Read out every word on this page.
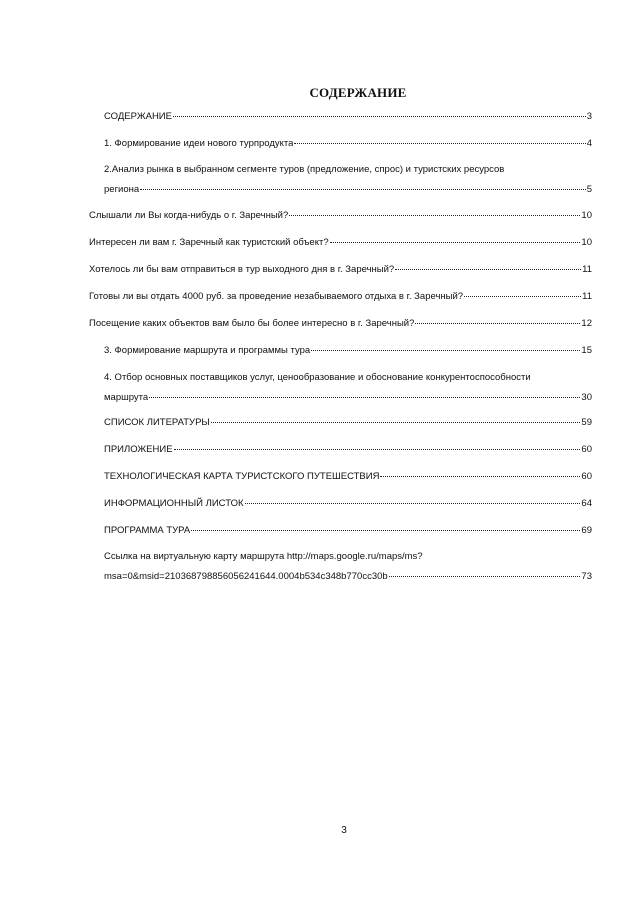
СОДЕРЖАНИЕ
СОДЕРЖАНИЕ	3
1. Формирование идеи нового турпродукта	4
2.Анализ рынка в выбранном сегменте туров (предложение, спрос) и туристских ресурсов
региона	5
Слышали ли Вы когда-нибудь о г. Заречный?	10
Интересен ли вам г. Заречный как туристский объект?	10
Хотелось ли бы вам отправиться в тур выходного дня в г. Заречный?	11
Готовы ли вы отдать 4000 руб. за проведение незабываемого отдыха в г. Заречный?	11
Посещение каких объектов вам было бы более интересно в г. Заречный?	12
3. Формирование маршрута и программы тура	15
4. Отбор основных поставщиков услуг, ценообразование и обоснование конкурентоспособности
маршрута	30
СПИСОК ЛИТЕРАТУРЫ	59
ПРИЛОЖЕНИЕ	60
ТЕХНОЛОГИЧЕСКАЯ КАРТА ТУРИСТСКОГО ПУТЕШЕСТВИЯ	60
ИНФОРМАЦИОННЫЙ ЛИСТОК	64
ПРОГРАММА ТУРА	69
Ссылка на виртуальную карту маршрута http://maps.google.ru/maps/ms?
msa=0&msid=210368798856056241644.0004b534c348b770cc30b	73
3
